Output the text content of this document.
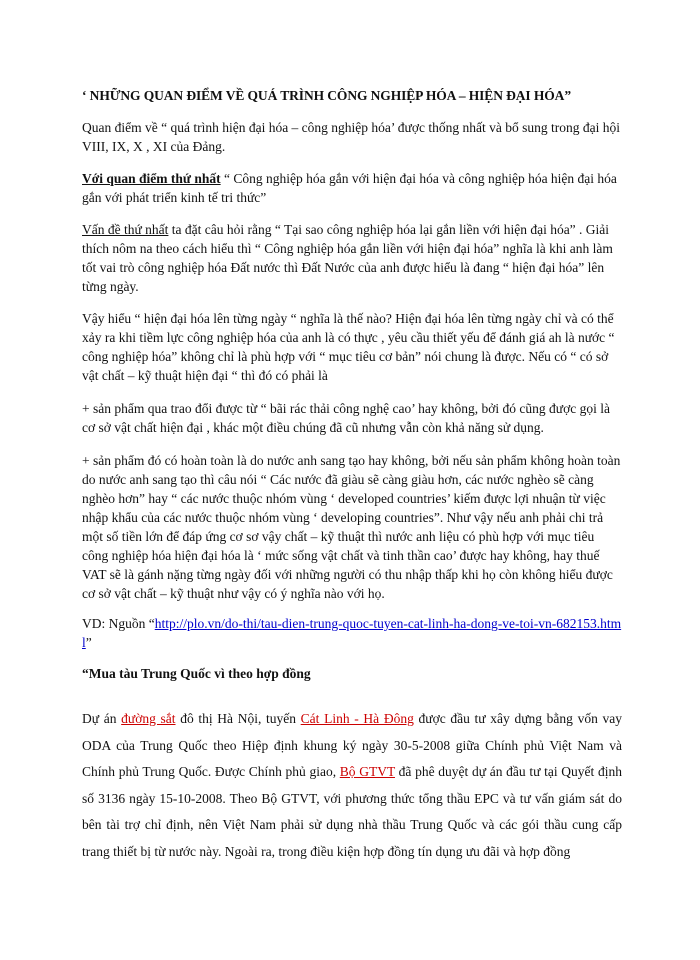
‘ NHỮNG QUAN ĐIỂM VỀ QUÁ TRÌNH CÔNG NGHIỆP HÓA – HIỆN ĐẠI HÓA”

Quan điểm về “ quá trình hiện đại hóa – công nghiệp hóa’ được thống nhất và bổ sung trong đại hội VIII, IX, X , XI của Đảng.

Với quan điểm thứ nhất “ Công nghiệp hóa gắn với hiện đại hóa và công nghiệp hóa hiện đại hóa gắn với phát triển kinh tế tri thức”

Vấn đề thứ nhất ta đặt câu hỏi rằng “ Tại sao công nghiệp hóa lại gắn liền với hiện đại hóa” . Giải thích nôm na theo cách hiểu thì “ Công nghiệp hóa gắn liền với hiện đại hóa” nghĩa là khi anh làm tốt vai trò công nghiệp hóa Đất nước thì Đất Nước của anh được hiểu là đang “ hiện đại hóa” lên từng ngày.

Vậy hiểu “ hiện đại hóa lên từng ngày “ nghĩa là thế nào? Hiện đại hóa lên từng ngày chỉ và có thể xảy ra khi tiềm lực công nghiệp hóa của anh là có thực , yêu cầu thiết yếu để đánh giá ah là nước “ công nghiệp hóa” không chỉ là phù hợp với “ mục tiêu cơ bản” nói chung là được. Nếu có “ có sở vật chất – kỹ thuật hiện đại “ thì đó có phải là

+ sản phẩm qua trao đổi được từ “ bãi rác thải công nghệ cao’ hay không, bởi đó cũng được gọi là cơ sở vật chất hiện đại , khác một điều chúng đã cũ nhưng vẫn còn khả năng sử dụng.

+ sản phẩm đó có hoàn toàn là do nước anh sang tạo hay không, bởi nếu sản phẩm không hoàn toàn do nước anh sang tạo thì câu nói “ Các nước đã giàu sẽ càng giàu hơn, các nước nghèo sẽ càng nghèo hơn” hay “ các nước thuộc nhóm vùng ‘ developed countries’ kiếm được lợi nhuận từ việc nhập khẩu của các nước thuộc nhóm vùng ‘ developing countries”. Như vậy nếu anh phải chi trả một số tiền lớn để đáp ứng cơ sơ vậy chất – kỹ thuật thì nước anh liệu có phù hợp với mục tiêu công nghiệp hóa hiện đại hóa là ‘ mức sống vật chất và tinh thần cao’ được hay không, hay thuế VAT sẽ là gánh nặng từng ngày đối với những người có thu nhập thấp khi họ còn không hiểu được cơ sở vật chất – kỹ thuật như vậy có ý nghĩa nào với họ.

VD: Nguồn “http://plo.vn/do-thi/tau-dien-trung-quoc-tuyen-cat-linh-ha-dong-ve-toi-vn-682153.html”

“Mua tàu Trung Quốc vì theo hợp đồng

Dự án đường sắt đô thị Hà Nội, tuyến Cát Linh - Hà Đông được đầu tư xây dựng bằng vốn vay ODA của Trung Quốc theo Hiệp định khung ký ngày 30-5-2008 giữa Chính phủ Việt Nam và Chính phủ Trung Quốc. Được Chính phủ giao, Bộ GTVT đã phê duyệt dự án đầu tư tại Quyết định số 3136 ngày 15-10-2008. Theo Bộ GTVT, với phương thức tổng thầu EPC và tư vấn giám sát do bên tài trợ chỉ định, nên Việt Nam phải sử dụng nhà thầu Trung Quốc và các gói thầu cung cấp trang thiết bị từ nước này. Ngoài ra, trong điều kiện hợp đồng tín dụng ưu đãi và hợp đồng
